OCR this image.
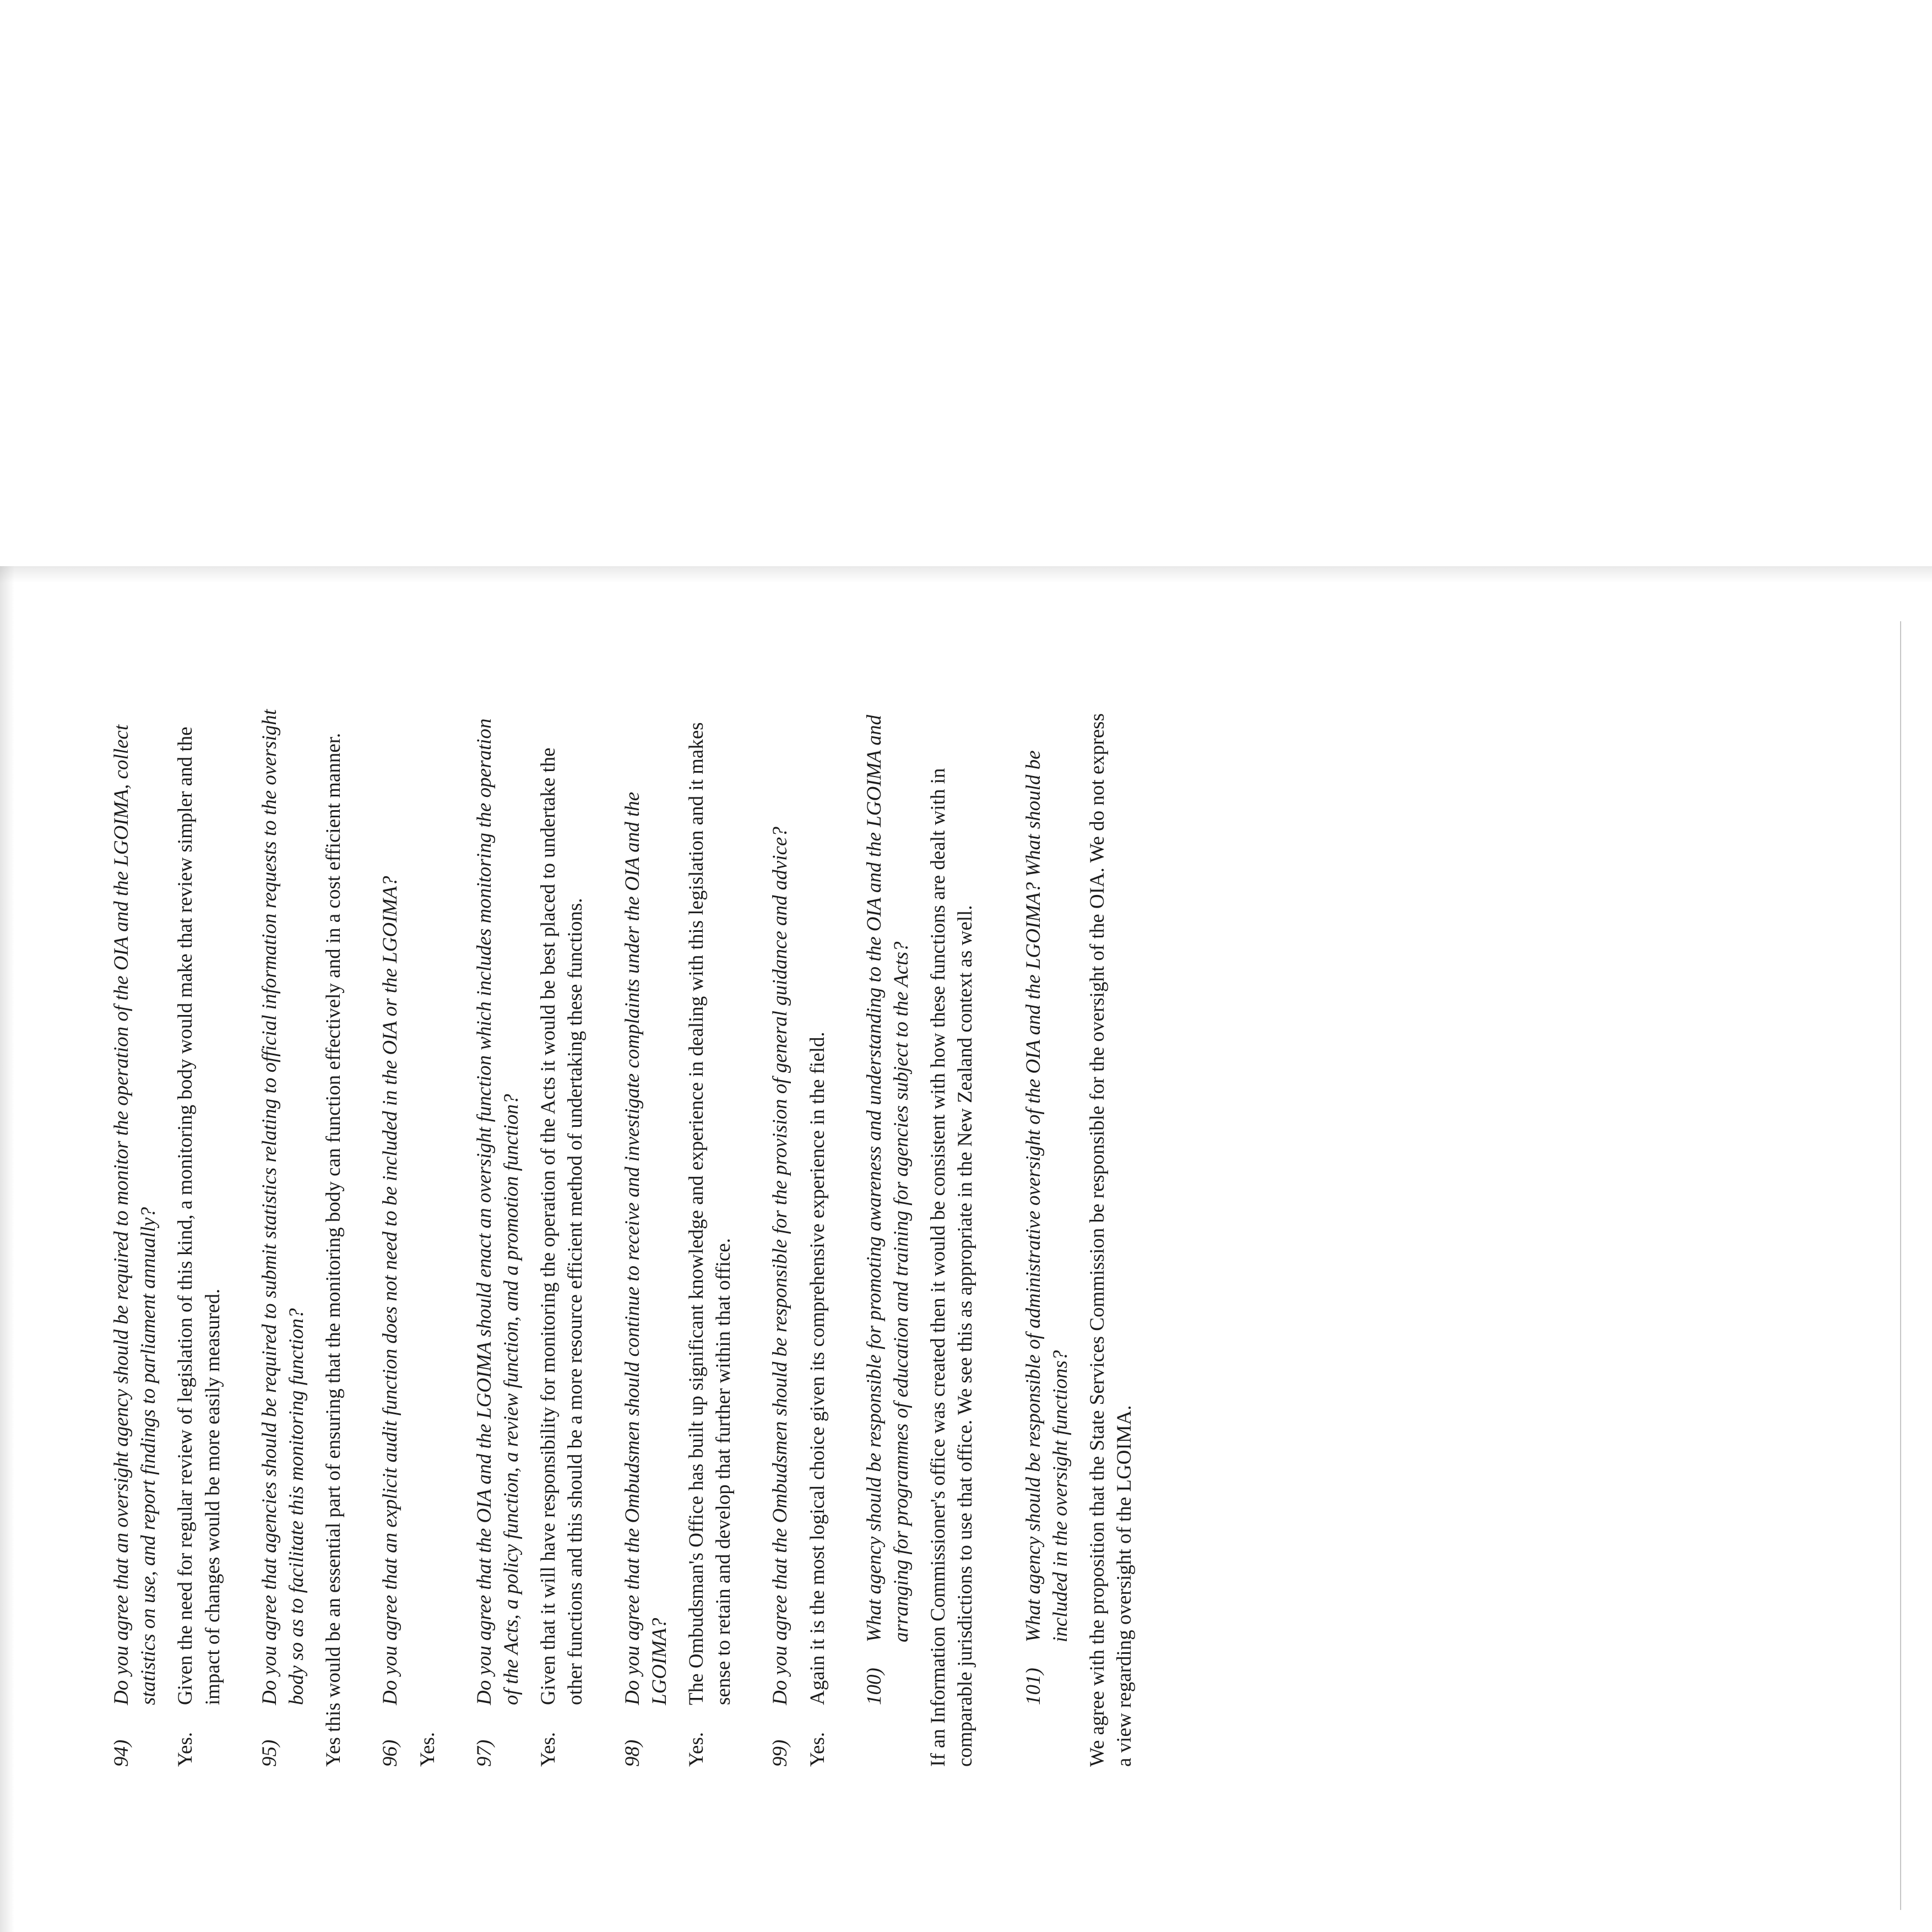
94)Do you agree that an oversight agency should be required to monitor the operation of the OIA and the LGOIMA, collect statistics on use, and report findings to parliament annually?

Yes.Given the need for regular review of legislation of this kind, a monitoring body would make that review simpler and the impact of changes would be more easily measured.

95)Do you agree that agencies should be required to submit statistics relating to official information requests to the oversight body so as to facilitate this monitoring function? Yes this would be an essential part of ensuring that the monitoring body can function effectively and in a cost efficient manner. 96)Do you agree that an explicit audit function does not need to be included in the OIA or the LGOIMA?

Yes. 97)Do you agree that the OIA and the LGOIMA should enact an oversight function which includes monitoring the operation of the Acts, a policy function, a review function, and a promotion function?

Yes.Given that it will have responsibility for monitoring the operation of the Acts it would be best placed to undertake the other functions and this should be a more resource efficient method of undertaking these functions.

98)Do you agree that the Ombudsmen should continue to receive and investigate complaints under the OIA and the LGOIMA?

Yes.The Ombudsman's Office has built up significant knowledge and experience in dealing with this legislation and it makes sense to retain and develop that further within that office.

99)Do you agree that the Ombudsmen should be responsible for the provision of general guidance and advice?

Yes.Again it is the most logical choice given its comprehensive experience in the field. 100)What agency should be responsible for promoting awareness and understanding to the OIA and the LGOIMA and arranging for programmes of education and training for agencies subject to the Acts? If an Information Commissioner's office was created then it would be consistent with how these functions are dealt with in comparable jurisdictions to use that office. We see this as appropriate in the New Zealand context as well. 101)What agency should be responsible of administrative oversight of the OIA and the LGOIMA? What should be included in the oversight functions? We agree with the proposition that the State Services Commission be responsible for the oversight of the OIA. We do not express a view regarding oversight of the LGOIMA.
